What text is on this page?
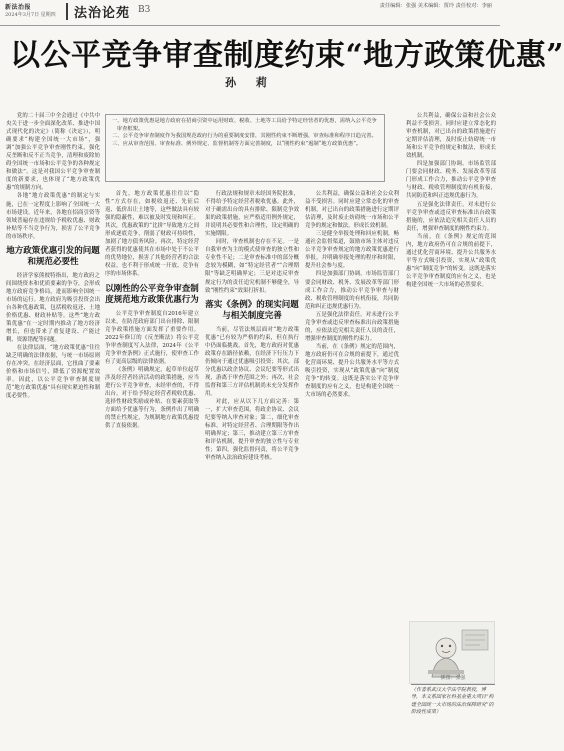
新法治报
2024年3月7日 星期四 法治论苑 B3	责任编辑：张强 美术编辑：贾玲 责任校对：李丽
以公平竞争审查制度约束“地方政策优惠”
孙 莉

党的二十届三中全会通过《中共中央关于进一步全面深化改革、推进中国式现代化的决定》（简称《决定》），明确要求“构建全国统一大市场”，强调“加强公平竞争审查刚性约束，强化反垄断和反不正当竞争，清理和废除妨碍全国统一市场和公平竞争的各种规定和做法”。这是对我国公平竞争审查制度的新要求，也体现了“地方政策优惠”的规制方向。

各地“地方政策优惠”的制定与实施，已在一定程度上影响了全国统一大市场建设。近年来，各地在招商引资等领域普遍存在违规给予税收优惠、财政补贴等不当竞争行为，损害了公平竞争的市场秩序。

地方政策优惠引发的问题和规范必要性

经济学家熊彼特指出，地方政府之间围绕资本和优质要素的争夺，会形成地方政府竞争格局，进而影响全国统一市场的运行。地方政府为吸引投资会出台各种优惠政策，包括税收返还、土地价格优惠、财政补贴等。这些“地方政策优惠”在一定时期内推动了地方经济增长，但也带来了重复建设、产能过剩、资源错配等问题。

在法律层面，“地方政策优惠”往往缺乏明确的法律依据，与统一市场原则存在冲突。在经济层面，它扭曲了要素价格和市场信号，降低了资源配置效率。因此，以公平竞争审查制度规范“地方政策优惠”具有现实紧迫性和制度必要性。

一、地方政策优惠是地方政府在招商引资中运用财政、税收、土地等工具给予特定经营者的优惠，需纳入公平竞争审查框架。
二、公平竞争审查制度作为我国规范政府行为的重要制度安排，其刚性约束不断增强，审查标准和程序日趋完善。
三、应从审查范围、审查标准、例外规定、监督机制等方面完善制度，以“刚性约束”遏制“地方政策优惠”。

首先，地方政策优惠往往以“隐性”方式存在，如税收返还、先征后返、低价出让土地等，这些做法具有较强的隐蔽性，难以被及时发现和纠正。其次，优惠政策的“比拼”导致地方之间形成逐底竞争，削弱了财政可持续性，加剧了地方债务风险。再次，特定经营者获得的优惠使其在市场中处于不公平的优势地位，损害了其他经营者的合法权益，也不利于形成统一开放、竞争有序的市场体系。

以刚性的公平竞争审查制度规范地方政策优惠行为

公平竞争审查制度自2016年建立以来，在防范政府部门出台排除、限制竞争政策措施方面发挥了重要作用。2022年修订的《反垄断法》将公平竞争审查制度写入法律，2024年《公平竞争审查条例》正式施行，使审查工作有了更高层级的法律依据。

《条例》明确规定，起草单位起草涉及经营者经济活动的政策措施，应当进行公平竞争审查，未经审查的，不得出台。对于给予特定经营者税收优惠、选择性财政奖励或补贴、在要素获取等方面给予优惠等行为，条例作出了明确的禁止性规定，为规制地方政策优惠提供了直接依据。

行政法规和规章未经国务院批准，不得给予特定经营者税收优惠。此外，对于确需出台的具有排除、限制竞争效果的政策措施，应严格适用例外规定，并说明其必要性和合理性，设定明确的实施期限。

同时，审查机制也存在不足。一是自我审查为主的模式使审查的独立性和专业性不足；二是审查标准中的部分概念较为模糊，如“特定经营者”“合理期限”等缺乏明确界定；三是对违反审查规定行为的责任追究机制不够健全，导致“刚性约束”效果打折扣。

落实《条例》的现实问题与相关制度完善

当前，尽管法规层面对“地方政策优惠”已有较为严格的约束，但在执行中仍面临挑战。首先，地方政府对优惠政策存在路径依赖，在经济下行压力下仍倾向于通过优惠吸引投资；其次，部分优惠以政企协议、会议纪要等形式出现，游离于审查范围之外；再次，社会监督和第三方评估机制尚未充分发挥作用。

对此，应从以下几方面完善：第一，扩大审查范围，将政企协议、会议纪要等纳入审查对象；第二，细化审查标准，对特定经营者、合理期限等作出明确界定；第三，推动建立第三方审查和评估机制，提升审查的独立性与专业性；第四，强化监督问责，将公平竞争审查纳入法治政府建设考核。

公共利益，确保公益和社会公众利益不受损害。同时应建立常态化的审查机制，对已出台的政策措施进行定期评估清理，及时废止妨碍统一市场和公平竞争的规定和做法，形成长效机制。

三是健全举报处理和回应机制，畅通社会监督渠道，鼓励市场主体对违反公平竞争审查规定的地方政策优惠进行举报，并明确举报处理的程序和时限，提升社会参与度。

四是加强部门协调。市场监管部门要会同财政、税务、发展改革等部门形成工作合力，推动公平竞争审查与财政、税收管理制度的有机衔接，共同防范和纠正违规优惠行为。

五是强化法律责任。对未进行公平竞争审查或违反审查标准出台政策措施的，应依法追究相关责任人员的责任，增强审查制度的刚性约束力。

当前，在《条例》规定的范围内，地方政府仍可在合规的前提下，通过优化营商环境、提升公共服务水平等方式吸引投资，实现从“政策优惠”向“制度竞争”的转变。这既是落实公平竞争审查制度的应有之义，也是构建全国统一大市场的必然要求。

公共利益，确保公益和社会公众利益不受损害。同时应建立常态化的审查机制，对已出台的政策措施进行定期评估清理，及时废止妨碍统一市场和公平竞争的规定和做法，形成长效机制。

四是加强部门协调。市场监管部门要会同财政、税务、发展改革等部门形成工作合力，推动公平竞争审查与财政、税收管理制度的有机衔接，共同防范和纠正违规优惠行为。

五是强化法律责任。对未进行公平竞争审查或违反审查标准出台政策措施的，应依法追究相关责任人员的责任，增强审查制度的刚性约束力。

当前，在《条例》规定的范围内，地方政府仍可在合规的前提下，通过优化营商环境、提升公共服务水平等方式吸引投资，实现从“政策优惠”向“制度竞争”的转变。这既是落实公平竞争审查制度的应有之义，也是构建全国统一大市场的必然要求。

插图：张强
（作者系武汉大学法学院教授，博导，本文系国家社科基金重大项目“构建全国统一大市场的法治保障研究”的阶段性成果）
